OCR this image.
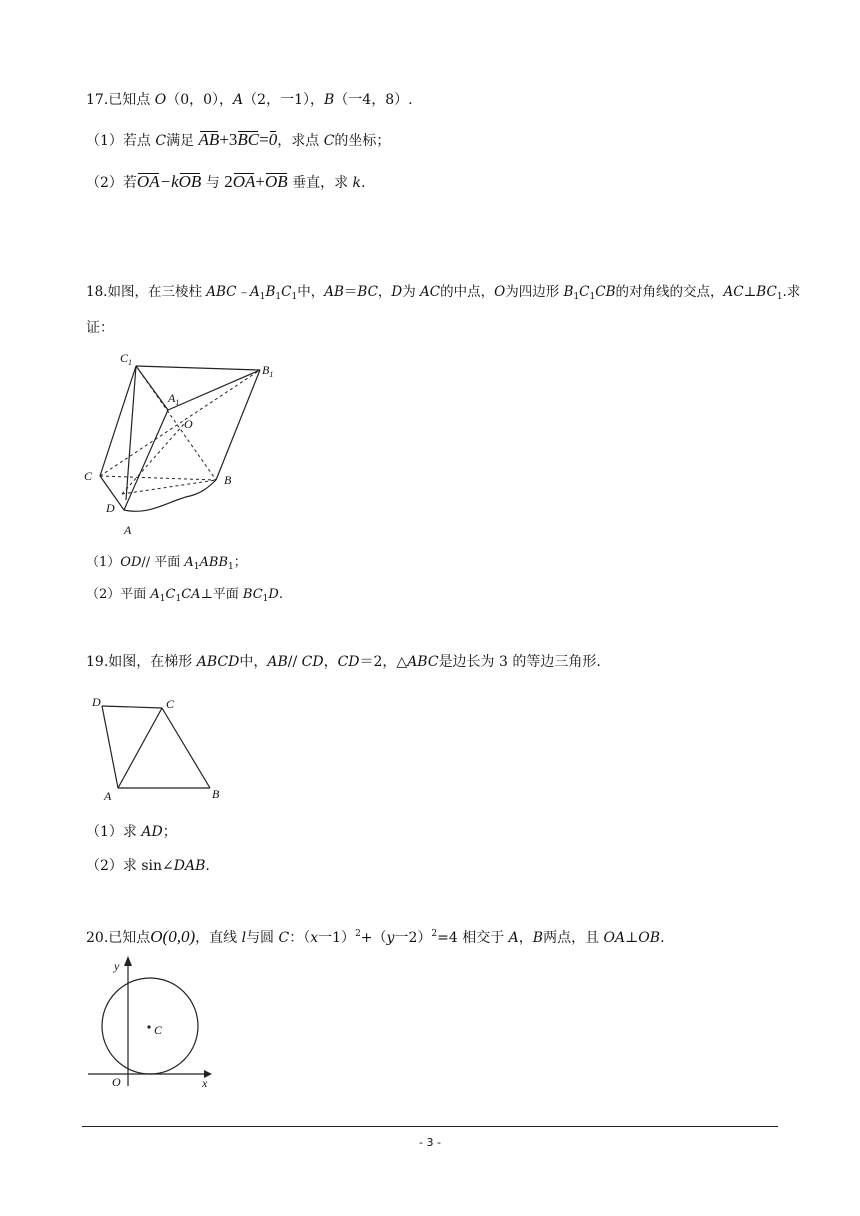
17.已知点 O（0，0），A（2，一1），B（一4，8）.
（1）若点 C满足 AB+3BC=0，求点 C的坐标；
（2）若OA−kOB 与 2OA+OB 垂直，求 k.
18.如图，在三棱柱 $ABC﹣A_1B_1C_1$中，AB＝BC，D为 AC的中点，O为四边形 $B_1C_1CB$的对角线的交点，$AC\perp BC_1$.求
证：
$C_1$
$B_1$
$A_1$
O
C	B
D
A
（1）OD// 平面 $A_1ABB_1$；
（2）平面 $A_1C_1CA\perp$平面 $BC_1D$.
19.如图，在梯形 ABCD中，AB// CD，CD＝2，△ABC是边长为 3 的等边三角形.
D	C
A	B
（1）求 AD；
（2）求 sin∠DAB.
20.已知点O(0,0)，直线 l与圆 C：（x一1）$^2$+（y一2）$^2$=4 相交于 A，B两点，且 OA⊥OB.
y
x
O
C
- 3 -
